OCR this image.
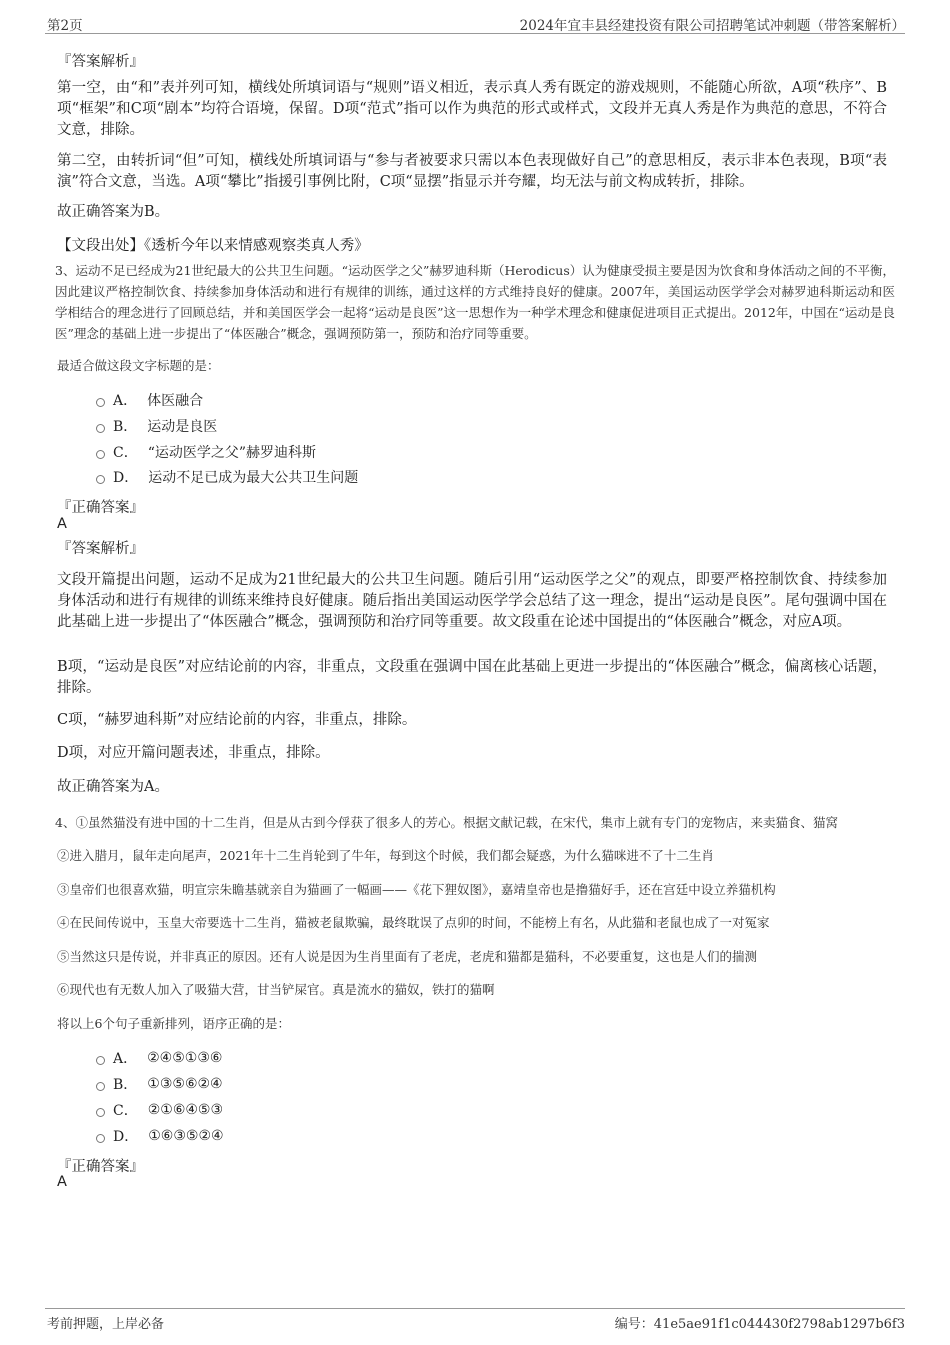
第2页	2024年宜丰县经建投资有限公司招聘笔试冲刺题（带答案解析）
『答案解析』
第一空，由“和”表并列可知，横线处所填词语与“规则”语义相近，表示真人秀有既定的游戏规则，不能随心所欲，A项“秩序”、B项“框架”和C项“剧本”均符合语境，保留。D项“范式”指可以作为典范的形式或样式，文段并无真人秀是作为典范的意思，不符合文意，排除。
第二空，由转折词“但”可知，横线处所填词语与“参与者被要求只需以本色表现做好自己”的意思相反，表示非本色表现，B项“表演”符合文意，当选。A项“攀比”指援引事例比附，C项“显摆”指显示并夸耀，均无法与前文构成转折，排除。
故正确答案为B。
【文段出处】《透析今年以来情感观察类真人秀》
3、运动不足已经成为21世纪最大的公共卫生问题。“运动医学之父”赫罗迪科斯（Herodicus）认为健康受损主要是因为饮食和身体活动之间的不平衡，因此建议严格控制饮食、持续参加身体活动和进行有规律的训练，通过这样的方式维持良好的健康。2007年，美国运动医学学会对赫罗迪科斯运动和医学相结合的理念进行了回顾总结，并和美国医学会一起将“运动是良医”这一思想作为一种学术理念和健康促进项目正式提出。2012年，中国在“运动是良医”理念的基础上进一步提出了“体医融合”概念，强调预防第一，预防和治疗同等重要。
最适合做这段文字标题的是：
A． 体医融合
B． 运动是良医
C． “运动医学之父”赫罗迪科斯
D． 运动不足已成为最大公共卫生问题
『正确答案』
A
『答案解析』
文段开篇提出问题，运动不足成为21世纪最大的公共卫生问题。随后引用“运动医学之父”的观点，即要严格控制饮食、持续参加身体活动和进行有规律的训练来维持良好健康。随后指出美国运动医学学会总结了这一理念，提出“运动是良医”。尾句强调中国在此基础上进一步提出了“体医融合”概念，强调预防和治疗同等重要。故文段重在论述中国提出的“体医融合”概念，对应A项。
B项，“运动是良医”对应结论前的内容，非重点，文段重在强调中国在此基础上更进一步提出的“体医融合”概念，偏离核心话题，排除。
C项，“赫罗迪科斯”对应结论前的内容，非重点，排除。
D项，对应开篇问题表述，非重点，排除。
故正确答案为A。
4、①虽然猫没有进中国的十二生肖，但是从古到今俘获了很多人的芳心。根据文献记载，在宋代，集市上就有专门的宠物店，来卖猫食、猫窝
②进入腊月，鼠年走向尾声，2021年十二生肖轮到了牛年，每到这个时候，我们都会疑惑，为什么猫咪进不了十二生肖
③皇帝们也很喜欢猫，明宣宗朱瞻基就亲自为猫画了一幅画——《花下狸奴图》，嘉靖皇帝也是撸猫好手，还在宫廷中设立养猫机构
④在民间传说中，玉皇大帝要选十二生肖，猫被老鼠欺骗，最终耽误了点卯的时间，不能榜上有名，从此猫和老鼠也成了一对冤家
⑤当然这只是传说，并非真正的原因。还有人说是因为生肖里面有了老虎，老虎和猫都是猫科，不必要重复，这也是人们的揣测
⑥现代也有无数人加入了吸猫大营，甘当铲屎官。真是流水的猫奴，铁打的猫啊
将以上6个句子重新排列，语序正确的是：
A． ②④⑤①③⑥
B． ①③⑤⑥②④
C． ②①⑥④⑤③
D． ①⑥③⑤②④
『正确答案』
A
考前押题，上岸必备	编号：41e5ae91f1c044430f2798ab1297b6f3
